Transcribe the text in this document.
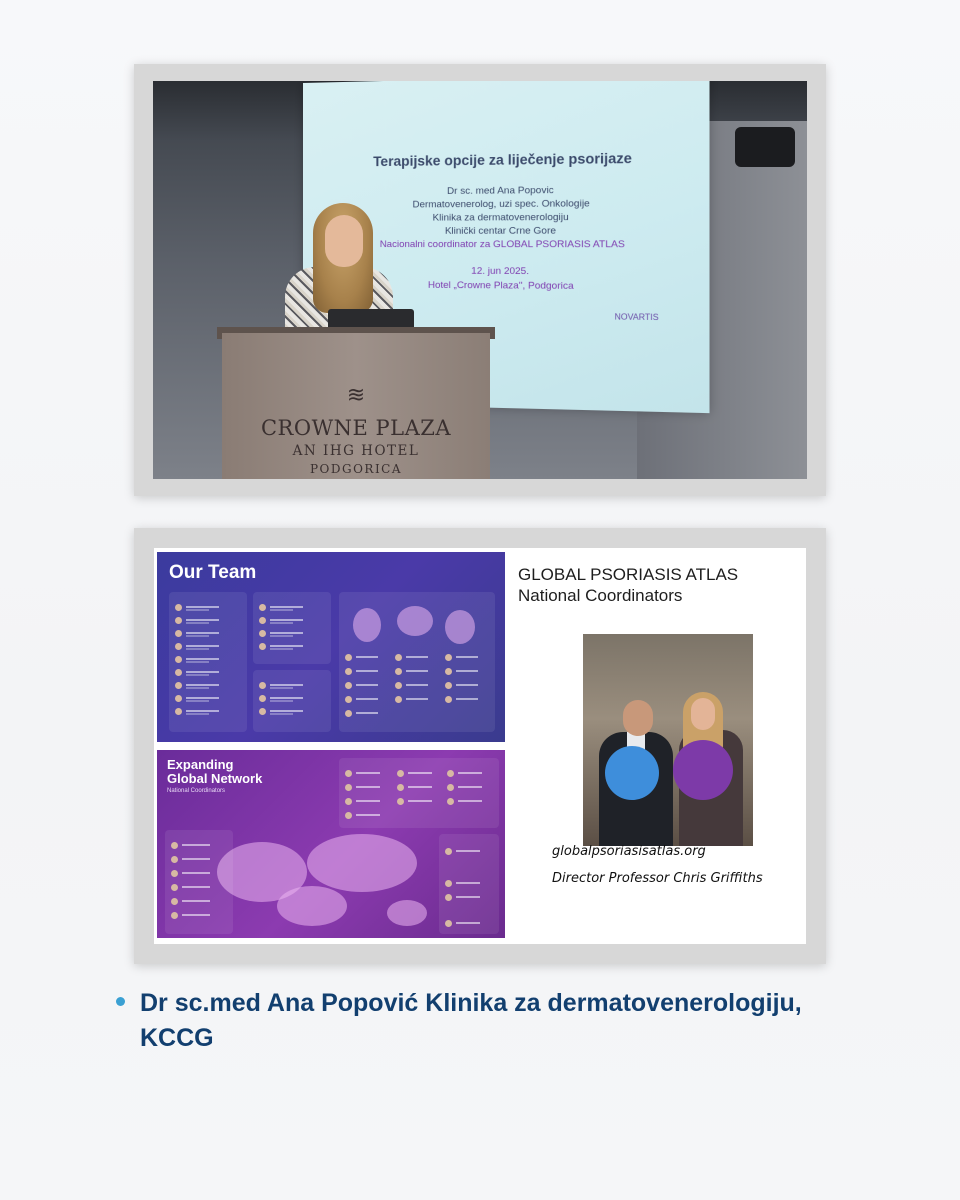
Terapijske opcije za liječenje psorijaze
Dr sc. med Ana Popovic
Dermatovenerolog, uzi spec. Onkologije
Klinika za dermatovenerologiju
Klinički centar Crne Gore
Nacionalni coordinator za GLOBAL PSORIASIS ATLAS
12. jun 2025.
Hotel „Crowne Plaza", Podgorica
NOVARTIS
≋
CROWNE PLAZA
AN IHG HOTEL
PODGORICA
Our Team
Expanding Global Network
National Coordinators
GLOBAL PSORIASIS ATLAS
National Coordinators
globalpsoriasisatlas.org
Director Professor Chris Griffiths
Dr sc.med Ana Popović Klinika za dermatovenerologiju, KCCG
